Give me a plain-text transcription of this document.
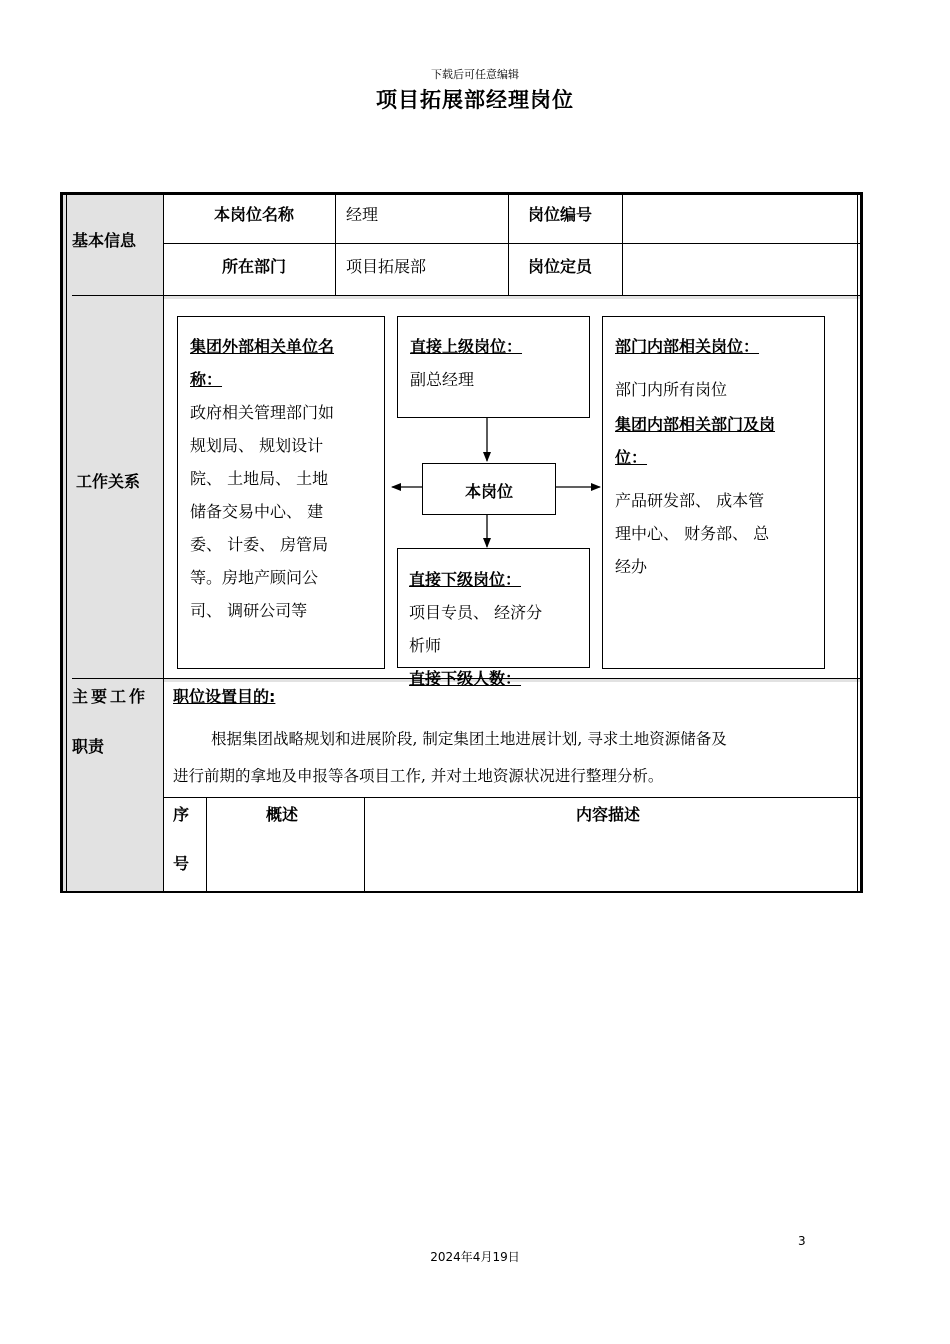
下载后可任意编辑
项目拓展部经理岗位
基本信息
本岗位名称	经理	岗位编号
所在部门	项目拓展部	岗位定员
工作关系
集团外部相关单位名
称：
政府相关管理部门如
规划局、 规划设计
院、 土地局、 土地
储备交易中心、 建
委、 计委、 房管局
等。房地产顾问公
司、 调研公司等
直接上级岗位：
副总经理
本岗位
直接下级岗位：
项目专员、 经济分
析师
直接下级人数：
部门内部相关岗位：
部门内所有岗位
集团内部相关部门及岗
位：
产品研发部、 成本管
理中心、 财务部、 总
经办
主要工作
职责
职位设置目的:
根据集团战略规划和进展阶段, 制定集团土地进展计划, 寻求土地资源储备及
进行前期的拿地及申报等各项目工作, 并对土地资源状况进行整理分析。
序
号
概述	内容描述
3
2024年4月19日
